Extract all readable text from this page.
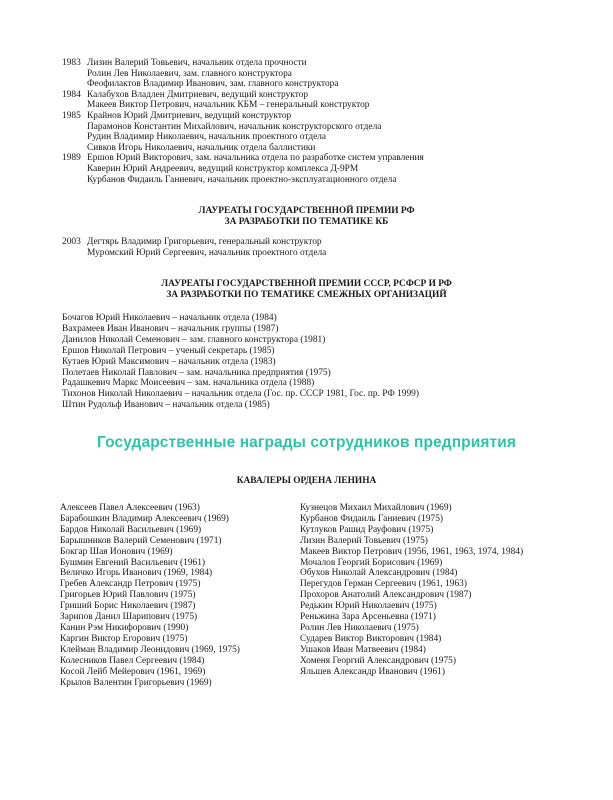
1983 Лизин Валерий Товьевич, начальник отдела прочности
Ролин Лев Николаевич, зам. главного конструктора
Феофилактов Владимир Иванович, зам. главного конструктора
1984 Калабухов Владлен Дмитриевич, ведущий конструктор
Макеев Виктор Петрович, начальник КБМ – генеральный конструктор
1985 Крайнов Юрий Дмитриевич, ведущий конструктор
Парамонов Константин Михайлович, начальник конструкторского отдела
Рудин Владимир Николаевич, начальник проектного отдела
Сивков Игорь Николаевич, начальник отдела баллистики
1989 Ершов Юрий Викторович, зам. начальника отдела по разработке систем управления
Каверин Юрий Андреевич, ведущий конструктор комплекса Д-9РМ
Курбанов Фидаиль Ганиевич, начальник проектно-эксплуатационного отдела
ЛАУРЕАТЫ ГОСУДАРСТВЕННОЙ ПРЕМИИ РФ
ЗА РАЗРАБОТКИ ПО ТЕМАТИКЕ КБ
2003 Дегтярь Владимир Григорьевич, генеральный конструктор
Муромский Юрий Сергеевич, начальник проектного отдела
ЛАУРЕАТЫ ГОСУДАРСТВЕННОЙ ПРЕМИИ СССР, РСФСР И РФ
ЗА РАЗРАБОТКИ ПО ТЕМАТИКЕ СМЕЖНЫХ ОРГАНИЗАЦИЙ
Бочагов Юрий Николаевич – начальник отдела (1984)
Вахрамеев Иван Иванович – начальник группы (1987)
Данилов Николай Семенович – зам. главного конструктора (1981)
Ершов Николай Петрович – ученый секретарь (1985)
Кутаев Юрий Максимович – начальник отдела (1983)
Полетаев Николай Павлович – зам. начальника предприятия (1975)
Радашкевич Маркс Моисеевич – зам. начальника отдела (1988)
Тихонов Николай Николаевич – начальник отдела (Гос. пр. СССР 1981, Гос. пр. РФ 1999)
Штин Рудольф Иванович – начальник отдела (1985)
Государственные награды сотрудников предприятия
КАВАЛЕРЫ ОРДЕНА ЛЕНИНА
Алексеев Павел Алексеевич (1963)
Барабошкин Владимир Алексеевич (1969)
Бардов Николай Васильевич (1969)
Барышников Валерий Семенович (1971)
Бокгар Шая Ионович (1969)
Бушмин Евгений Васильевич (1961)
Величко Игорь Иванович (1969, 1984)
Гребев Александр Петрович (1975)
Григорьев Юрий Павлович (1975)
Гриший Борис Николаевич (1987)
Зарипов Данил Шарипович (1975)
Канин Рэм Никифорович (1990)
Каргин Виктор Егорович (1975)
Клейман Владимир Леонидович (1969, 1975)
Колесников Павел Сергеевич (1984)
Косой Лейб Мейерович (1961, 1969)
Крылов Валентин Григорьевич (1969)
Кузнецов Михаил Михайлович (1969)
Курбанов Фидаиль Ганиевич (1975)
Кутлуков Рашид Рауфович (1975)
Лизин Валерий Товьевич (1975)
Макеев Виктор Петрович (1956, 1961, 1963, 1974, 1984)
Мочалов Георгий Борисович (1969)
Обухов Николай Александрович (1984)
Перегудов Герман Сергеевич (1961, 1963)
Прохоров Анатолий Александрович (1987)
Редькин Юрий Николаевич (1975)
Реньжина Зара Арсеньевна (1971)
Ролин Лев Николаевич (1975)
Сударев Виктор Викторович (1984)
Ушаков Иван Матвеевич (1984)
Хоменя Георгий Александрович (1975)
Яльшев Александр Иванович (1961)
